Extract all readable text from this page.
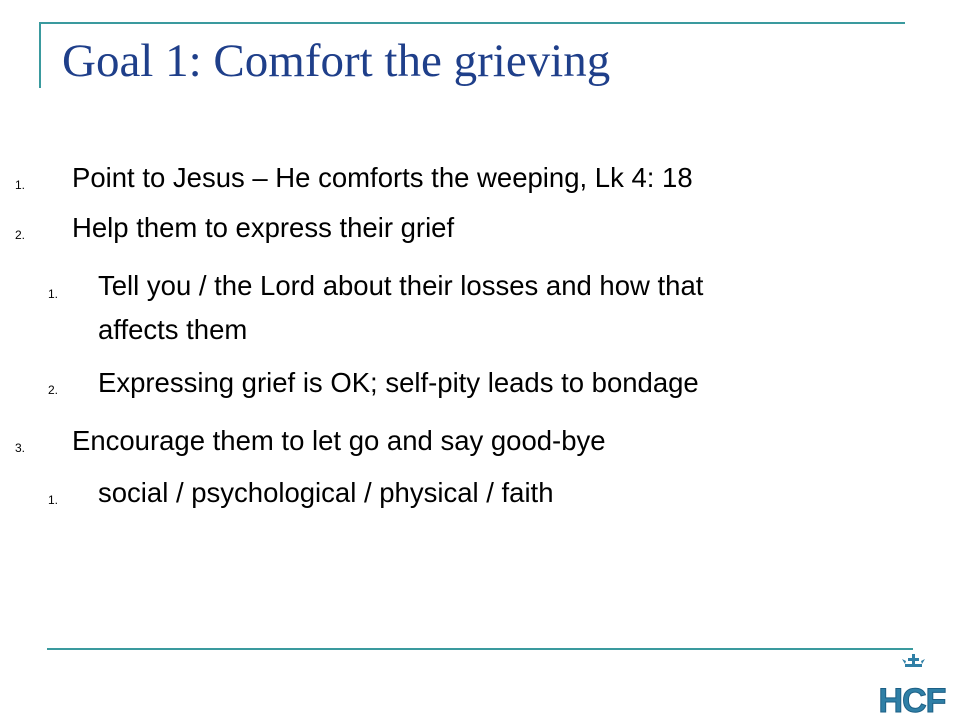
Goal 1: Comfort the grieving
1. Point to Jesus – He comforts the weeping, Lk 4: 18
2. Help them to express their grief
1. Tell you / the Lord about their losses and how that
affects them
2. Expressing grief is OK; self-pity leads to bondage
3. Encourage them to let go and say good-bye
1. social / psychological / physical / faith
HCF
